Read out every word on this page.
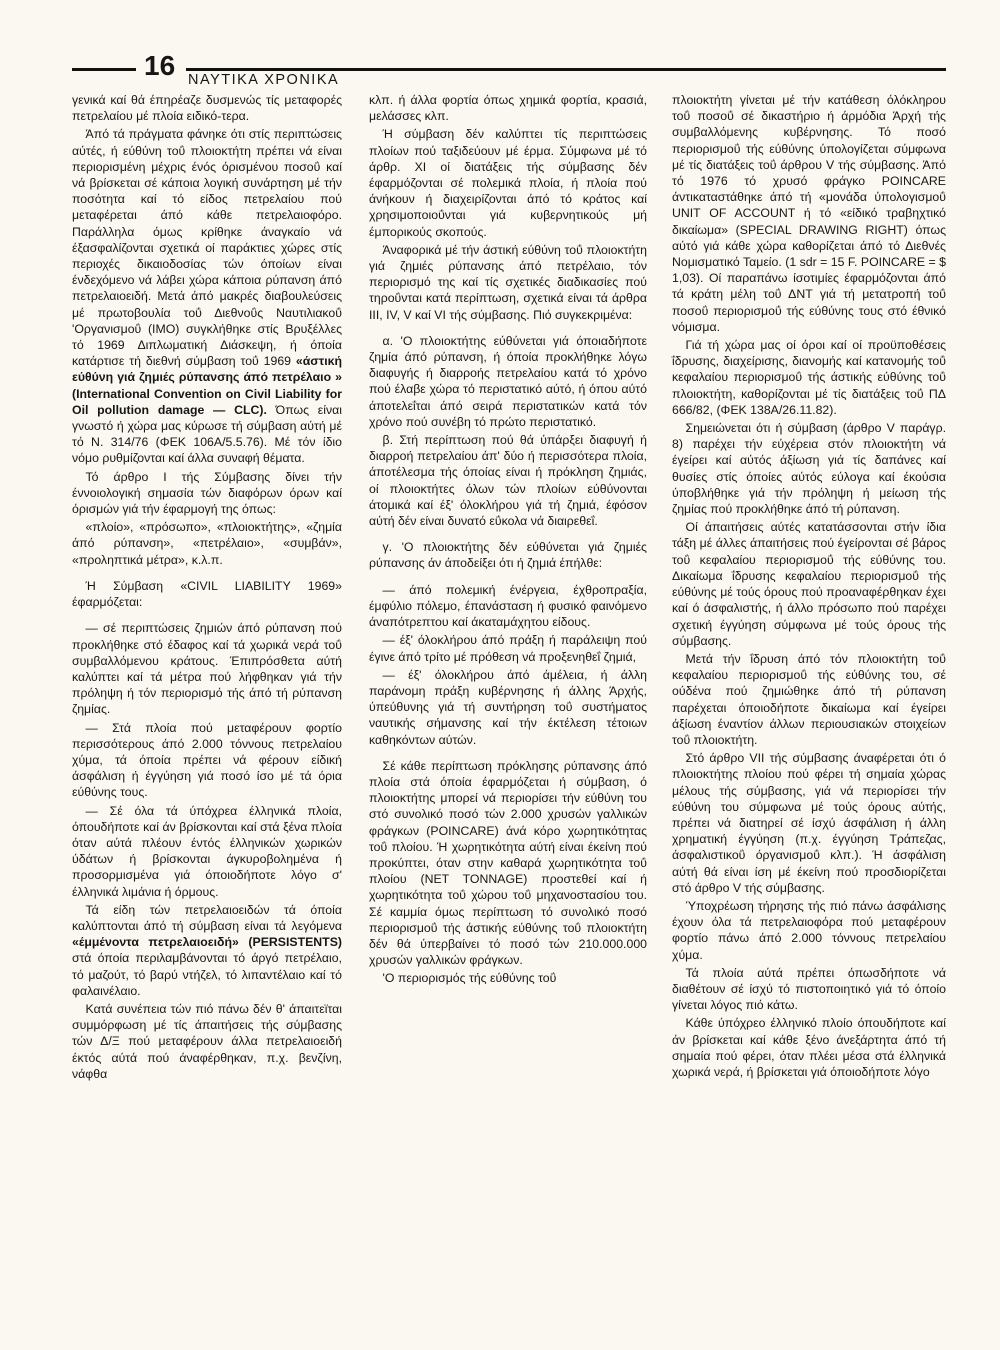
16 ΝΑΥΤΙΚΑ ΧΡΟΝΙΚΑ

γενικά καί θά έπηρέαζε δυσμενώς τίς μεταφορές πετρελαίου μέ πλοία ειδικό-τερα.

Άπό τά πράγματα φάνηκε ότι στίς περιπτώσεις αύτές, ή εύθύνη τοΰ πλοιοκτήτη πρέπει νά είναι περιορισμένη μέχρις ένός όρισμένου ποσοΰ καί νά βρίσκεται σέ κάποια λογική συνάρτηση μέ τήν ποσότητα καί τό είδος πετρελαίου πού μεταφέρεται άπό κάθε πετρελαιοφόρο. Παράλληλα όμως κρίθηκε άναγκαίο νά έξασφαλίζονται σχετικά οί παράκτιες χώρες στίς περιοχές δικαιοδοσίας τών όποίων είναι ένδεχόμενο νά λάβει χώρα κάποια ρύπανση άπό πετρελαιοειδή. Μετά άπό μακρές διαβουλεύσεις μέ πρωτοβουλία τοΰ Διεθνοΰς Ναυτιλιακοΰ 'Οργανισμοΰ (ΙΜΟ) συγκλήθηκε στίς Βρυξέλλες τό 1969 Διπλωματική Διάσκεψη, ή όποία κατάρτισε τή διεθνή σύμβαση τοΰ 1969 «άστική εύθύνη γιά ζημιές ρύπανσης άπό πετρέλαιο » (International Convention on Civil Liability for Oil pollution damage — CLC). Όπως είναι γνωστό ή χώρα μας κύρωσε τή σύμβαση αύτή μέ τό Ν. 314/76 (ΦΕΚ 106Α/5.5.76). Μέ τόν ίδιο νόμο ρυθμίζονται καί άλλα συναφή θέματα.

Τό άρθρο Ι τής Σύμβασης δίνει τήν έννοιολογική σημασία τών διαφόρων όρων καί όρισμών γιά τήν έφαρμογή της όπως:

«πλοίο», «πρόσωπο», «πλοιοκτήτης», «ζημία άπό ρύπανση», «πετρέλαιο», «συμβάν», «προληπτικά μέτρα», κ.λ.π.

Ή Σύμβαση «CIVIL LIABILITY 1969» έφαρμόζεται:

— σέ περιπτώσεις ζημιών άπό ρύπανση πού προκλήθηκε στό έδαφος καί τά χωρικά νερά τοΰ συμβαλλόμενου κράτους. Έπιπρόσθετα αύτή καλύπτει καί τά μέτρα πού λήφθηκαν γιά τήν πρόληψη ή τόν περιορισμό τής άπό τή ρύπανση ζημίας.

— Στά πλοία πού μεταφέρουν φορτίο περισσότερους άπό 2.000 τόννους πετρελαίου χύμα, τά όποία πρέπει νά φέρουν είδική άσφάλιση ή έγγύηση γιά ποσό ίσο μέ τά όρια εύθύνης τους.

— Σέ όλα τά ύπόχρεα έλληνικά πλοία, όπουδήποτε καί άν βρίσκονται καί στά ξένα πλοία όταν αύτά πλέουν έντός έλληνικών χωρικών ύδάτων ή βρίσκονται άγκυροβολημένα ή προσορμισμένα γιά όποιοδήποτε λόγο σ' έλληνικά λιμάνια ή όρμους.

Τά είδη τών πετρελαιοειδών τά όποία καλύπτονται άπό τή σύμβαση είναι τά λεγόμενα «έμμένοντα πετρελαιοειδή» (PERSISTENTS) στά όποία περιλαμβάνονται τό άργό πετρέλαιο, τό μαζούτ, τό βαρύ ντήζελ, τό λιπαντέλαιο καί τό φαλαινέλαιο.

Κατά συνέπεια τών πιό πάνω δέν θ' άπαιτεϊται συμμόρφωση μέ τίς άπαιτήσεις τής σύμβασης τών Δ/Ξ πού μεταφέρουν άλλα πετρελαιοειδή έκτός αύτά πού άναφέρθηκαν, π.χ. βενζίνη, νάφθα

κλπ. ή άλλα φορτία όπως χημικά φορτία, κρασιά, μελάσσες κλπ.

Ή σύμβαση δέν καλύπτει τίς περιπτώσεις πλοίων πού ταξιδεύουν μέ έρμα. Σύμφωνα μέ τό άρθρ. XI οί διατάξεις τής σύμβασης δέν έφαρμόζονται σέ πολεμικά πλοία, ή πλοία πού άνήκουν ή διαχειρίζονται άπό τό κράτος καί χρησιμοποιοΰνται γιά κυβερνητικούς μή έμπορικούς σκοπούς.

Άναφορικά μέ τήν άστική εύθύνη τοΰ πλοιοκτήτη γιά ζημιές ρύπανσης άπό πετρέλαιο, τόν περιορισμό της καί τίς σχετικές διαδικασίες πού τηροΰνται κατά περίπτωση, σχετικά είναι τά άρθρα III, IV, V καί VI τής σύμβασης. Πιό συγκεκριμένα:

α. 'Ο πλοιοκτήτης εύθύνεται γιά όποιαδήποτε ζημία άπό ρύπανση, ή όποία προκλήθηκε λόγω διαφυγής ή διαρροής πετρελαίου κατά τό χρόνο πού έλαβε χώρα τό περιστατικό αύτό, ή όπου αύτό άποτελεΐται άπό σειρά περιστατικών κατά τόν χρόνο πού συνέβη τό πρώτο περιστατικό.

β. Στή περίπτωση πού θά ύπάρξει διαφυγή ή διαρροή πετρελαίου άπ' δύο ή περισσότερα πλοία, άποτέλεσμα τής όποίας είναι ή πρόκληση ζημιάς, οί πλοιοκτήτες όλων τών πλοίων εύθύνονται άτομικά καί έξ' όλοκλήρου γιά τή ζημιά, έφόσον αύτή δέν είναι δυνατό εΰκολα νά διαιρεθεΐ.

γ. 'Ο πλοιοκτήτης δέν εύθύνεται γιά ζημιές ρύπανσης άν άποδείξει ότι ή ζημιά έπήλθε:

— άπό πολεμική ένέργεια, έχθροπραξία, έμφύλιο πόλεμο, έπανάσταση ή φυσικό φαινόμενο άναπότρεπτου καί άκαταμάχητου είδους.

— έξ' όλοκλήρου άπό πράξη ή παράλειψη πού έγινε άπό τρίτο μέ πρόθεση νά προξενηθεΐ ζημιά,

— έξ' όλοκλήρου άπό άμέλεια, ή άλλη παράνομη πράξη κυβέρνησης ή άλλης Άρχής, ύπεύθυνης γιά τή συντήρηση τοΰ συστήματος ναυτικής σήμανσης καί τήν έκτέλεση τέτοιων καθηκόντων αύτών.

Σέ κάθε περίπτωση πρόκλησης ρύπανσης άπό πλοία στά όποία έφαρμόζεται ή σύμβαση, ό πλοιοκτήτης μπορεί νά περιορίσει τήν εύθύνη του στό συνολικό ποσό τών 2.000 χρυσών γαλλικών φράγκων (POINCARE) άνά κόρο χωρητικότητας τοΰ πλοίου. Ή χωρητικότητα αύτή είναι έκείνη πού προκύπτει, όταν στην καθαρά χωρητικότητα τοΰ πλοίου (NET TONNAGE) προστεθεί καί ή χωρητικότητα τοΰ χώρου τοΰ μηχανοστασίου του. Σέ καμμία όμως περίπτωση τό συνολικό ποσό περιορισμοΰ τής άστικής εύθύνης τοΰ πλοιοκτήτη δέν θά ύπερβαίνει τό ποσό τών 210.000.000 χρυσών γαλλικών φράγκων.

'Ο περιορισμός τής εύθύνης τοΰ

πλοιοκτήτη γίνεται μέ τήν κατάθεση όλόκληρου τοΰ ποσοΰ σέ δικαστήριο ή άρμόδια Άρχή τής συμβαλλόμενης κυβέρνησης. Τό ποσό περιορισμοΰ τής εύθύνης ύπολογίζεται σύμφωνα μέ τίς διατάξεις τοΰ άρθρου V τής σύμβασης. Άπό τό 1976 τό χρυσό φράγκο POINCARE άντικαταστάθηκε άπό τή «μονάδα ύπολογισμοΰ UNIT OF ACCOUNT ή τό «είδικό τραβηχτικό δικαίωμα» (SPECIAL DRAWING RIGHT) όπως αύτό γιά κάθε χώρα καθορίζεται άπό τό Διεθνές Νομισματικό Ταμείο. (1 sdr = 15 F. POINCARE = $ 1,03). Οί παραπάνω ίσοτιμίες έφαρμόζονται άπό τά κράτη μέλη τοΰ ΔΝΤ γιά τή μετατροπή τοΰ ποσοΰ περιορισμοΰ τής εύθύνης τους στό έθνικό νόμισμα.

Γιά τή χώρα μας οί όροι καί οί προϋποθέσεις ΐδρυσης, διαχείρισης, διανομής καί κατανομής τοΰ κεφαλαίου περιορισμοΰ τής άστικής εύθύνης τοΰ πλοιοκτήτη, καθορίζονται μέ τίς διατάξεις τοΰ ΠΔ 666/82, (ΦΕΚ 138Α/26.11.82).

Σημειώνεται ότι ή σύμβαση (άρθρο V παράγρ. 8) παρέχει τήν εύχέρεια στόν πλοιοκτήτη νά έγείρει καί αύτός άξίωση γιά τίς δαπάνες καί θυσίες στίς όποίες αύτός εύλογα καί έκούσια ύποβλήθηκε γιά τήν πρόληψη ή μείωση τής ζημίας πού προκλήθηκε άπό τή ρύπανση.

Οί άπαιτήσεις αύτές κατατάσσονται στήν ίδια τάξη μέ άλλες άπαιτήσεις πού έγείρονται σέ βάρος τοΰ κεφαλαίου περιορισμοΰ τής εύθύνης του. Δικαίωμα ΐδρυσης κεφαλαίου περιορισμοΰ τής εύθύνης μέ τούς όρους πού προαναφέρθηκαν έχει καί ό άσφαλιστής, ή άλλο πρόσωπο πού παρέχει σχετική έγγύηση σύμφωνα μέ τούς όρους τής σύμβασης.

Μετά τήν ΐδρυση άπό τόν πλοιοκτήτη τοΰ κεφαλαίου περιορισμοΰ τής εύθύνης του, σέ ούδένα πού ζημιώθηκε άπό τή ρύπανση παρέχεται όποιοδήποτε δικαίωμα καί έγείρει άξίωση έναντίον άλλων περιουσιακών στοιχείων τοΰ πλοιοκτήτη.

Στό άρθρο VII τής σύμβασης άναφέρεται ότι ό πλοιοκτήτης πλοίου πού φέρει τή σημαία χώρας μέλους τής σύμβασης, γιά νά περιορίσει τήν εύθύνη του σύμφωνα μέ τούς όρους αύτής, πρέπει νά διατηρεί σέ ίσχύ άσφάλιση ή άλλη χρηματική έγγύηση (π.χ. έγγύηση Τράπεζας, άσφαλιστικοΰ όργανισμοΰ κλπ.). Ή άσφάλιση αύτή θά είναι ίση μέ έκείνη πού προσδιορίζεται στό άρθρο V τής σύμβασης.

Ύποχρέωση τήρησης τής πιό πάνω άσφάλισης έχουν όλα τά πετρελαιοφόρα πού μεταφέρουν φορτίο πάνω άπό 2.000 τόννους πετρελαίου χύμα.

Τά πλοία αύτά πρέπει όπωσδήποτε νά διαθέτουν σέ ίσχύ τό πιστοποιητικό γιά τό όποίο γίνεται λόγος πιό κάτω.

Κάθε ύπόχρεο έλληνικό πλοίο όπουδήποτε καί άν βρίσκεται καί κάθε ξένο άνεξάρτητα άπό τή σημαία πού φέρει, όταν πλέει μέσα στά έλληνικά χωρικά νερά, ή βρίσκεται γιά όποιοδήποτε λόγο
